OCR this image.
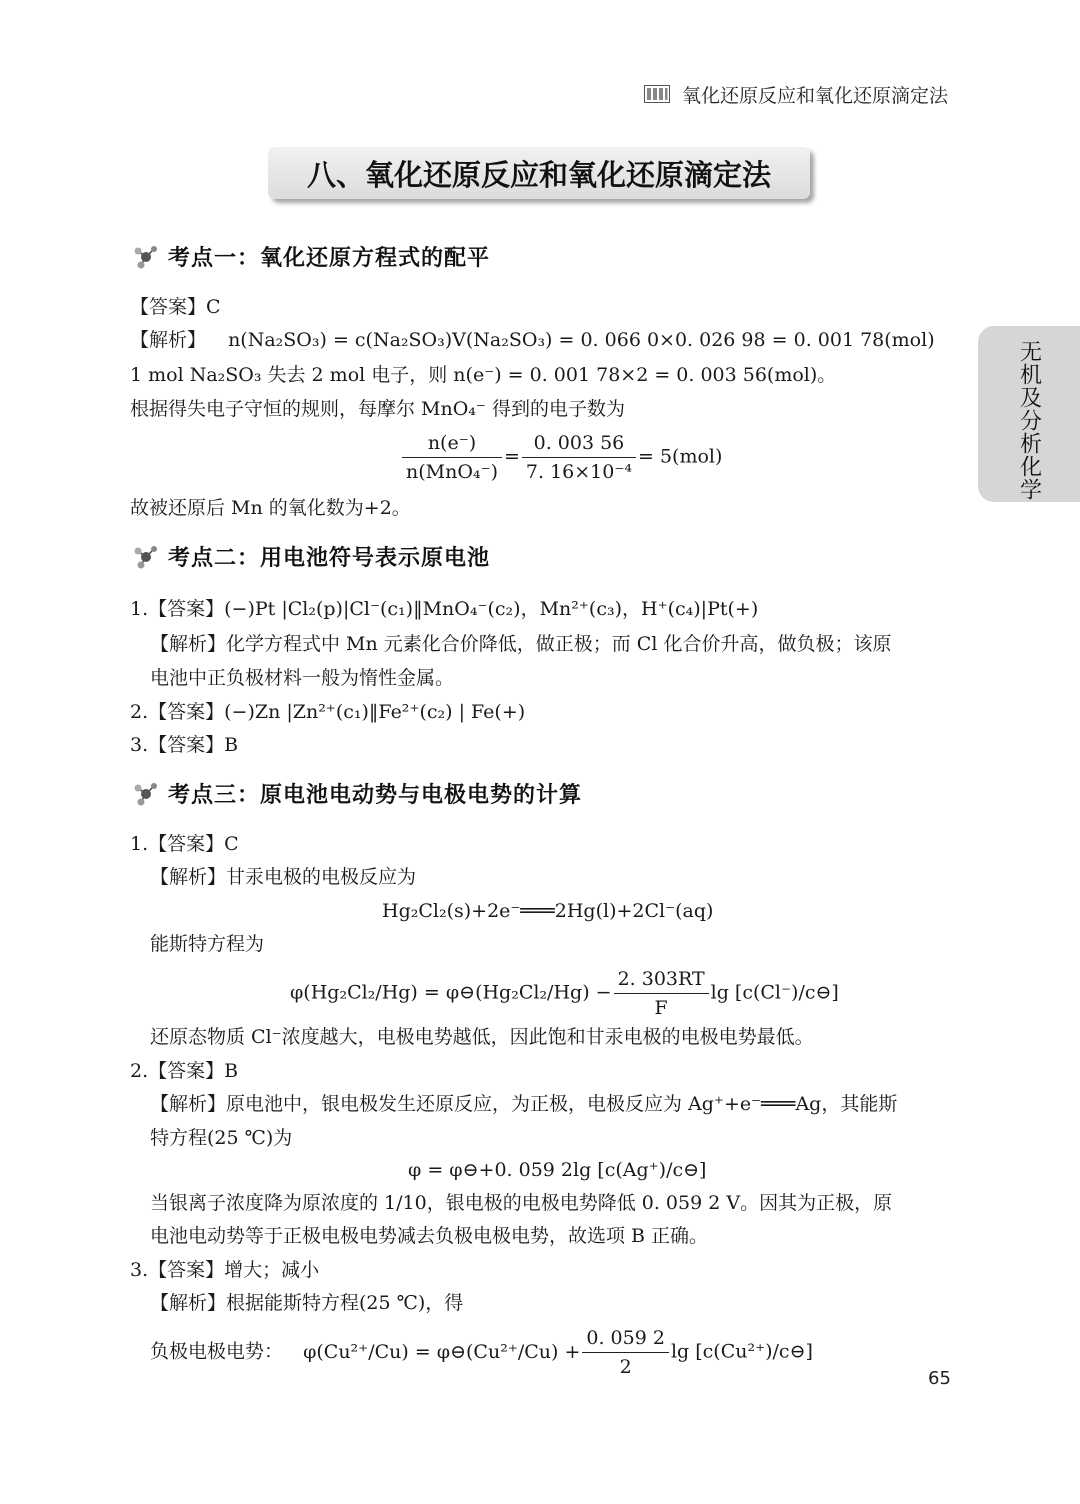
氧化还原反应和氧化还原滴定法
八、氧化还原反应和氧化还原滴定法
无机及分析化学
考点一：氧化还原方程式的配平
【答案】C
【解析】 n(Na₂SO₃) = c(Na₂SO₃)V(Na₂SO₃) = 0. 066 0×0. 026 98 = 0. 001 78(mol)
1 mol Na₂SO₃ 失去 2 mol 电子，则 n(e⁻) = 0. 001 78×2 = 0. 003 56(mol)。
根据得失电子守恒的规则，每摩尔 MnO₄⁻ 得到的电子数为
$\frac{n(e^-)}{\text{n(MnO₄⁻)}} = \frac{0. 003 56}{\text{7. 16×10⁻⁴}} = 5(mol)$
故被还原后 Mn 的氧化数为+2。
考点二：用电池符号表示原电池
1.【答案】(−)Pt |Cl₂(p)|Cl⁻(c₁)‖MnO₄⁻(c₂)，Mn²⁺(c₃)，H⁺(c₄)|Pt(+)
【解析】化学方程式中 Mn 元素化合价降低，做正极；而 Cl 化合价升高，做负极；该原
电池中正负极材料一般为惰性金属。
2.【答案】(−)Zn |Zn²⁺(c₁)‖Fe²⁺(c₂) | Fe(+)
3.【答案】B
考点三：原电池电动势与电极电势的计算
1.【答案】C
【解析】甘汞电极的电极反应为
Hg₂Cl₂(s)+2e⁻═══2Hg(l)+2Cl⁻(aq)
能斯特方程为
φ(Hg₂Cl₂/Hg) = φ⊖(Hg₂Cl₂/Hg) − $\frac{2. 303RT}{F}$ lg [c(Cl⁻)/c⊖]
还原态物质 Cl⁻浓度越大，电极电势越低，因此饱和甘汞电极的电极电势最低。
2.【答案】B
【解析】原电池中，银电极发生还原反应，为正极，电极反应为 Ag⁺+e⁻═══Ag，其能斯
特方程(25 ℃)为
φ = φ⊖+0. 059 2lg [c(Ag⁺)/c⊖]
当银离子浓度降为原浓度的 1/10，银电极的电极电势降低 0. 059 2 V。因其为正极，原
电池电动势等于正极电极电势减去负极电极电势，故选项 B 正确。
3.【答案】增大；减小
【解析】根据能斯特方程(25 ℃)，得
负极电极电势： φ(Cu²⁺/Cu) = φ⊖(Cu²⁺/Cu) + $\frac{0. 059 2}{2}$ lg [c(Cu²⁺)/c⊖]
65
